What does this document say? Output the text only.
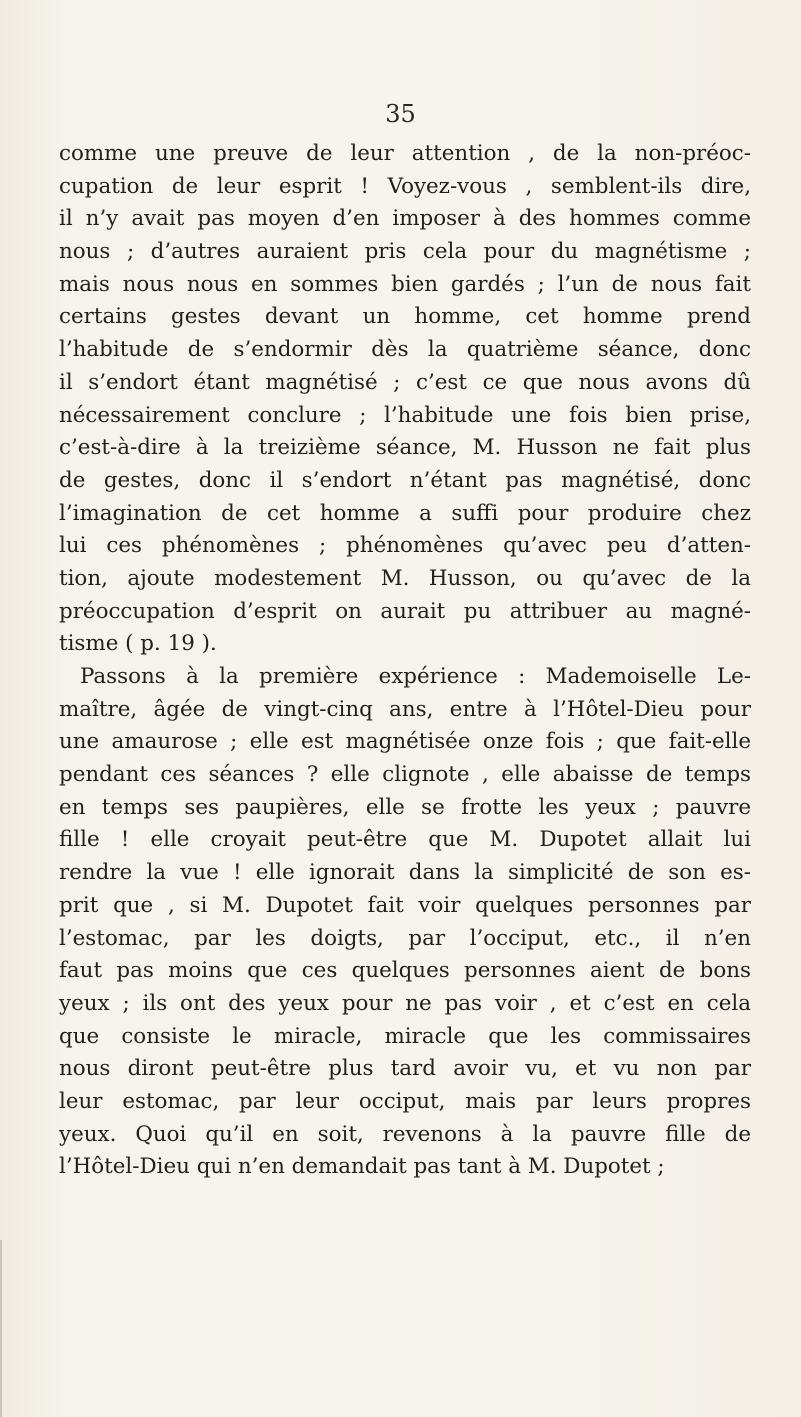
35
comme une preuve de leur attention , de la non-préoc-
cupation de leur esprit ! Voyez-vous , semblent-ils dire,
il n’y avait pas moyen d’en imposer à des hommes comme
nous ; d’autres auraient pris cela pour du magnétisme ;
mais nous nous en sommes bien gardés ; l’un de nous fait
certains gestes devant un homme, cet homme prend
l’habitude de s’endormir dès la quatrième séance, donc
il s’endort étant magnétisé ; c’est ce que nous avons dû
nécessairement conclure ; l’habitude une fois bien prise,
c’est-à-dire à la treizième séance, M. Husson ne fait plus
de gestes, donc il s’endort n’étant pas magnétisé, donc
l’imagination de cet homme a suffi pour produire chez
lui ces phénomènes ; phénomènes qu’avec peu d’atten-
tion, ajoute modestement M. Husson, ou qu’avec de la
préoccupation d’esprit on aurait pu attribuer au magné-
tisme ( p. 19 ).
Passons à la première expérience : Mademoiselle Le-
maître, âgée de vingt-cinq ans, entre à l’Hôtel-Dieu pour
une amaurose ; elle est magnétisée onze fois ; que fait-elle
pendant ces séances ? elle clignote , elle abaisse de temps
en temps ses paupières, elle se frotte les yeux ; pauvre
fille ! elle croyait peut-être que M. Dupotet allait lui
rendre la vue ! elle ignorait dans la simplicité de son es-
prit que , si M. Dupotet fait voir quelques personnes par
l’estomac, par les doigts, par l’occiput, etc., il n’en
faut pas moins que ces quelques personnes aient de bons
yeux ; ils ont des yeux pour ne pas voir , et c’est en cela
que consiste le miracle, miracle que les commissaires
nous diront peut-être plus tard avoir vu, et vu non par
leur estomac, par leur occiput, mais par leurs propres
yeux. Quoi qu’il en soit, revenons à la pauvre fille de
l’Hôtel-Dieu qui n’en demandait pas tant à M. Dupotet ;
